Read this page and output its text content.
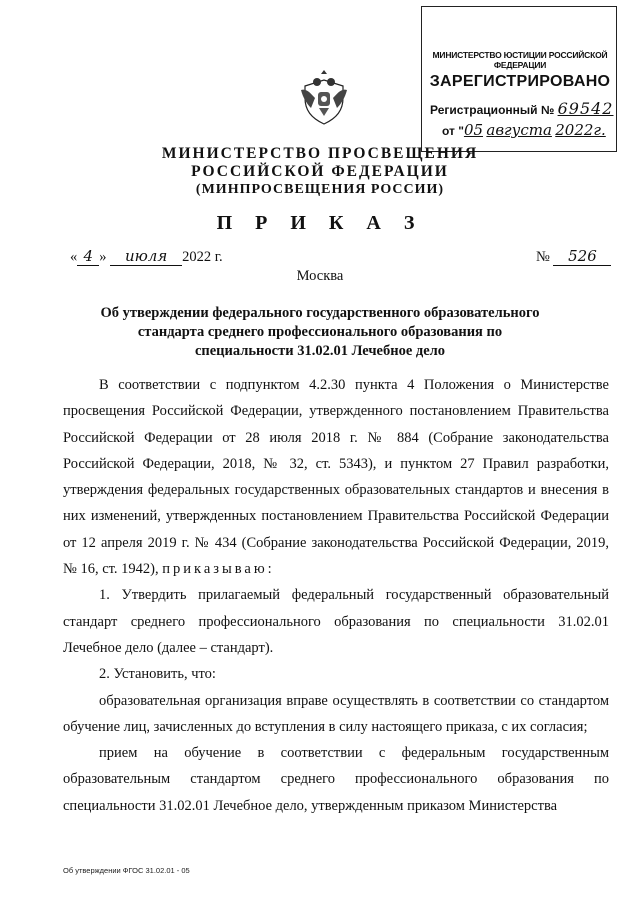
МИНИСТЕРСТВО ЮСТИЦИИ РОССИЙСКОЙ ФЕДЕРАЦИИ
ЗАРЕГИСТРИРОВАНО
Регистрационный № 69542
от "05 августа 2022г.
МИНИСТЕРСТВО ПРОСВЕЩЕНИЯ
РОССИЙСКОЙ ФЕДЕРАЦИИ
(МИНПРОСВЕЩЕНИЯ РОССИИ)
П Р И К А З
« 4 » июля 2022 г.	№ 526
Москва
Об утверждении федерального государственного образовательного стандарта среднего профессионального образования по специальности 31.02.01 Лечебное дело

В соответствии с подпунктом 4.2.30 пункта 4 Положения о Министерстве просвещения Российской Федерации, утвержденного постановлением Правительства Российской Федерации от 28 июля 2018 г. № 884 (Собрание законодательства Российской Федерации, 2018, № 32, ст. 5343), и пунктом 27 Правил разработки, утверждения федеральных государственных образовательных стандартов и внесения в них изменений, утвержденных постановлением Правительства Российской Федерации от 12 апреля 2019 г. № 434 (Собрание законодательства Российской Федерации, 2019, № 16, ст. 1942), приказываю:

1. Утвердить прилагаемый федеральный государственный образовательный стандарт среднего профессионального образования по специальности 31.02.01 Лечебное дело (далее – стандарт).

2. Установить, что:

образовательная организация вправе осуществлять в соответствии со стандартом обучение лиц, зачисленных до вступления в силу настоящего приказа, с их согласия;

прием на обучение в соответствии с федеральным государственным образовательным стандартом среднего профессионального образования по специальности 31.02.01 Лечебное дело, утвержденным приказом Министерства

Об утверждении ФГОС 31.02.01 - 05
